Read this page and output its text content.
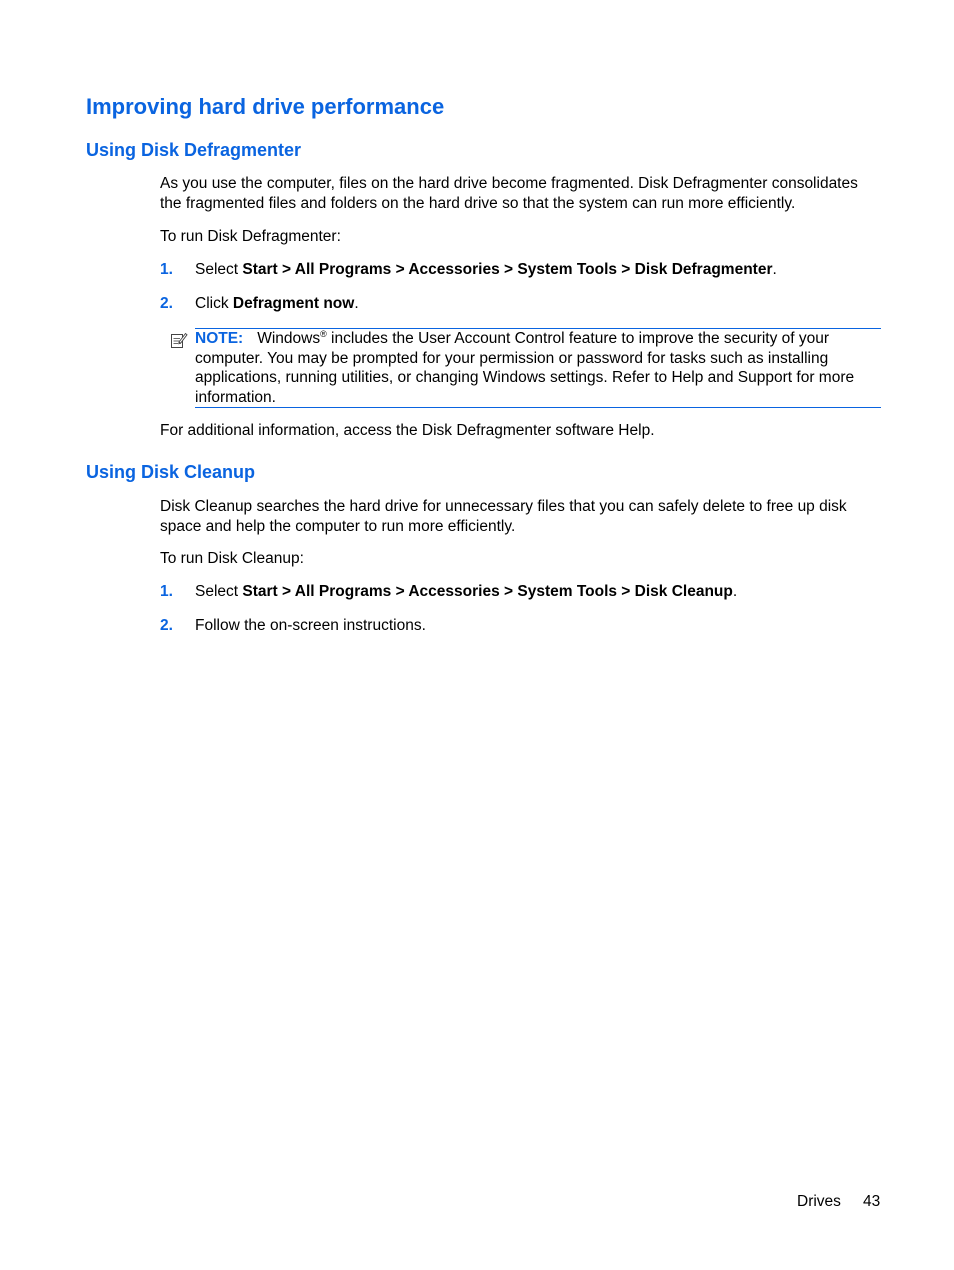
Improving hard drive performance
Using Disk Defragmenter

As you use the computer, files on the hard drive become fragmented. Disk Defragmenter consolidates the fragmented files and folders on the hard drive so that the system can run more efficiently.

To run Disk Defragmenter:

1. Select Start > All Programs > Accessories > System Tools > Disk Defragmenter.
2. Click Defragment now.
NOTE: Windows® includes the User Account Control feature to improve the security of your computer. You may be prompted for your permission or password for tasks such as installing applications, running utilities, or changing Windows settings. Refer to Help and Support for more information.

For additional information, access the Disk Defragmenter software Help.

Using Disk Cleanup

Disk Cleanup searches the hard drive for unnecessary files that you can safely delete to free up disk space and help the computer to run more efficiently.

To run Disk Cleanup:

1. Select Start > All Programs > Accessories > System Tools > Disk Cleanup.
2. Follow the on-screen instructions.
Drives 43
